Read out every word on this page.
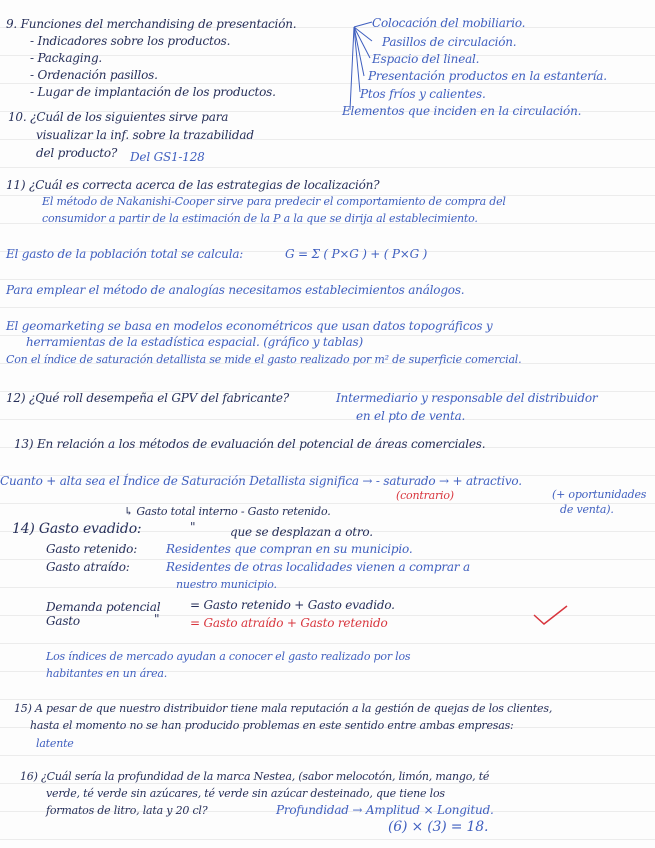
9. Funciones del merchandising de presentación.
- Indicadores sobre los productos.
- Packaging.
- Ordenación pasillos.
- Lugar de implantación de los productos.
Colocación del mobiliario.
Pasillos de circulación.
Espacio del lineal.
Presentación productos en la estantería.
Ptos fríos y calientes.
Elementos que inciden en la circulación.
10. ¿Cuál de los siguientes sirve para
visualizar la inf. sobre la trazabilidad
del producto? Del GS1-128
11) ¿Cuál es correcta acerca de las estrategias de localización?
El método de Nakanishi-Cooper sirve para predecir el comportamiento de compra del
consumidor a partir de la estimación de la P a la que se dirija al establecimiento.
El gasto de la población total se calcula:	G = Σ ( P×G ) + ( P×G )
Para emplear el método de analogías necesitamos establecimientos análogos.
El geomarketing se basa en modelos econométricos que usan datos topográficos y
herramientas de la estadística espacial. (gráfico y tablas)
Con el índice de saturación detallista se mide el gasto realizado por m² de superficie comercial.
12) ¿Qué roll desempeña el GPV del fabricante?	Intermediario y responsable del distribuidor
en el pto de venta.
13) En relación a los métodos de evaluación del potencial de áreas comerciales.
Cuanto + alta sea el Índice de Saturación Detallista significa → - saturado → + atractivo.
(contrario)	(+ oportunidades
de venta).
↳ Gasto total interno - Gasto retenido.
14) Gasto evadido:	"	que se desplazan a otro.
Gasto retenido: Residentes que compran en su municipio.
Gasto atraído:	Residentes de otras localidades vienen a comprar a
nuestro municipio.
Demanda potencial = Gasto retenido + Gasto evadido.
Gasto	"	= Gasto atraído + Gasto retenido
Los índices de mercado ayudan a conocer el gasto realizado por los
habitantes en un área.
15) A pesar de que nuestro distribuidor tiene mala reputación a la gestión de quejas de los clientes,
hasta el momento no se han producido problemas en este sentido entre ambas empresas:
latente
16) ¿Cuál sería la profundidad de la marca Nestea, (sabor melocotón, limón, mango, té
verde, té verde sin azúcares, té verde sin azúcar desteinado, que tiene los
formatos de litro, lata y 20 cl?	Profundidad → Amplitud × Longitud.
(6) × (3) = 18.
